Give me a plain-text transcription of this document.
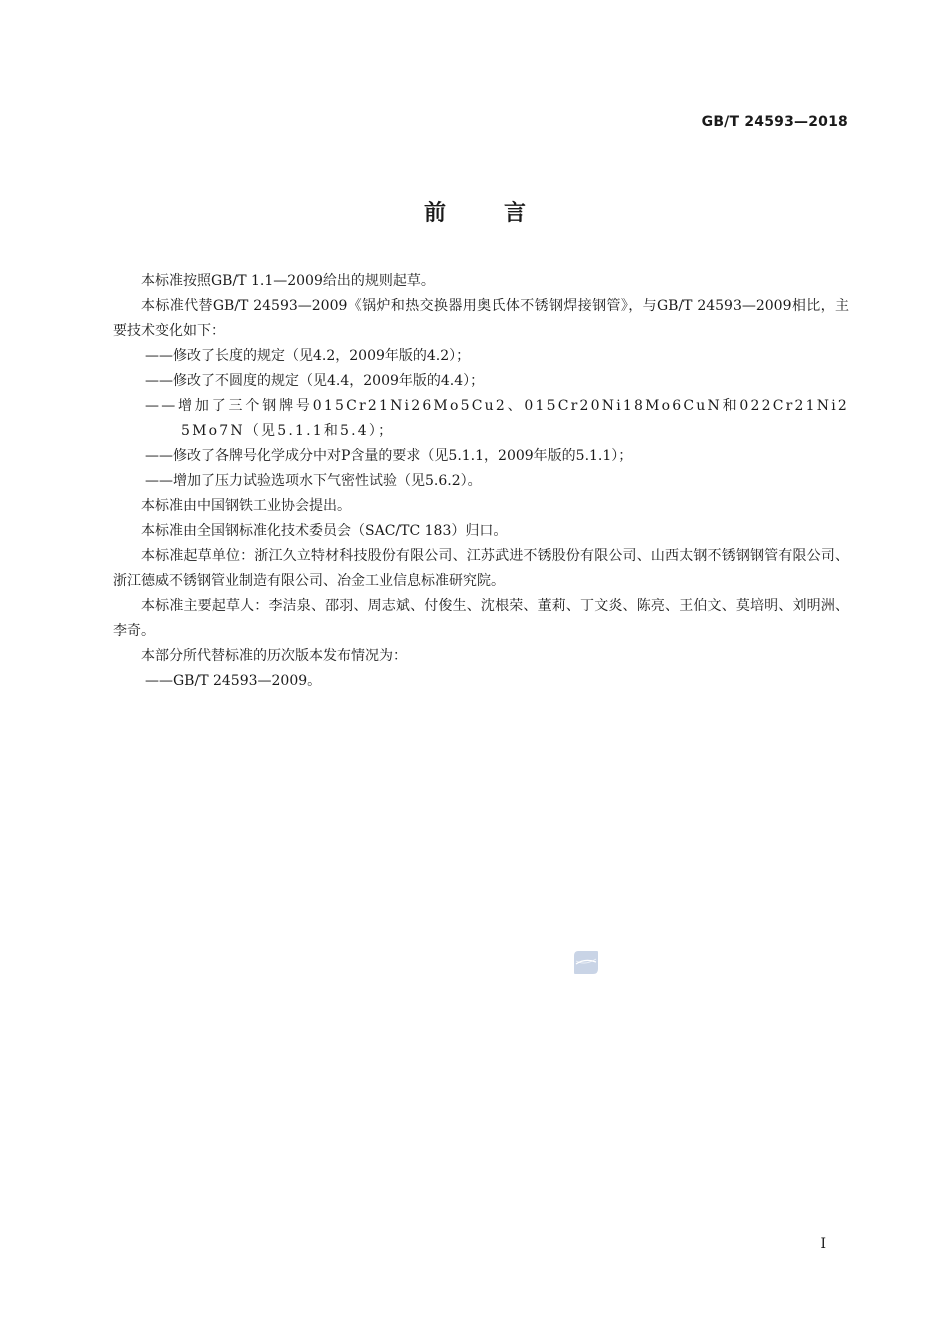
GB/T 24593—2018
前言

本标准按照GB/T 1.1—2009给出的规则起草。

本标准代替GB/T 24593—2009《锅炉和热交换器用奥氏体不锈钢焊接钢管》，与GB/T 24593—2009相比，主要技术变化如下：

——修改了长度的规定（见4.2，2009年版的4.2）；

——修改了不圆度的规定（见4.4，2009年版的4.4）；

——增加了三个钢牌号015Cr21Ni26Mo5Cu2、015Cr20Ni18Mo6CuN和022Cr21Ni25Mo7N（见5.1.1和5.4）；

——修改了各牌号化学成分中对P含量的要求（见5.1.1，2009年版的5.1.1）；

——增加了压力试验选项水下气密性试验（见5.6.2）。

本标准由中国钢铁工业协会提出。

本标准由全国钢标准化技术委员会（SAC/TC 183）归口。

本标准起草单位：浙江久立特材科技股份有限公司、江苏武进不锈股份有限公司、山西太钢不锈钢钢管有限公司、浙江德威不锈钢管业制造有限公司、冶金工业信息标准研究院。

本标准主要起草人：李洁泉、邵羽、周志斌、付俊生、沈根荣、董莉、丁文炎、陈亮、王伯文、莫培明、刘明洲、李奇。

本部分所代替标准的历次版本发布情况为：

——GB/T 24593—2009。

I
